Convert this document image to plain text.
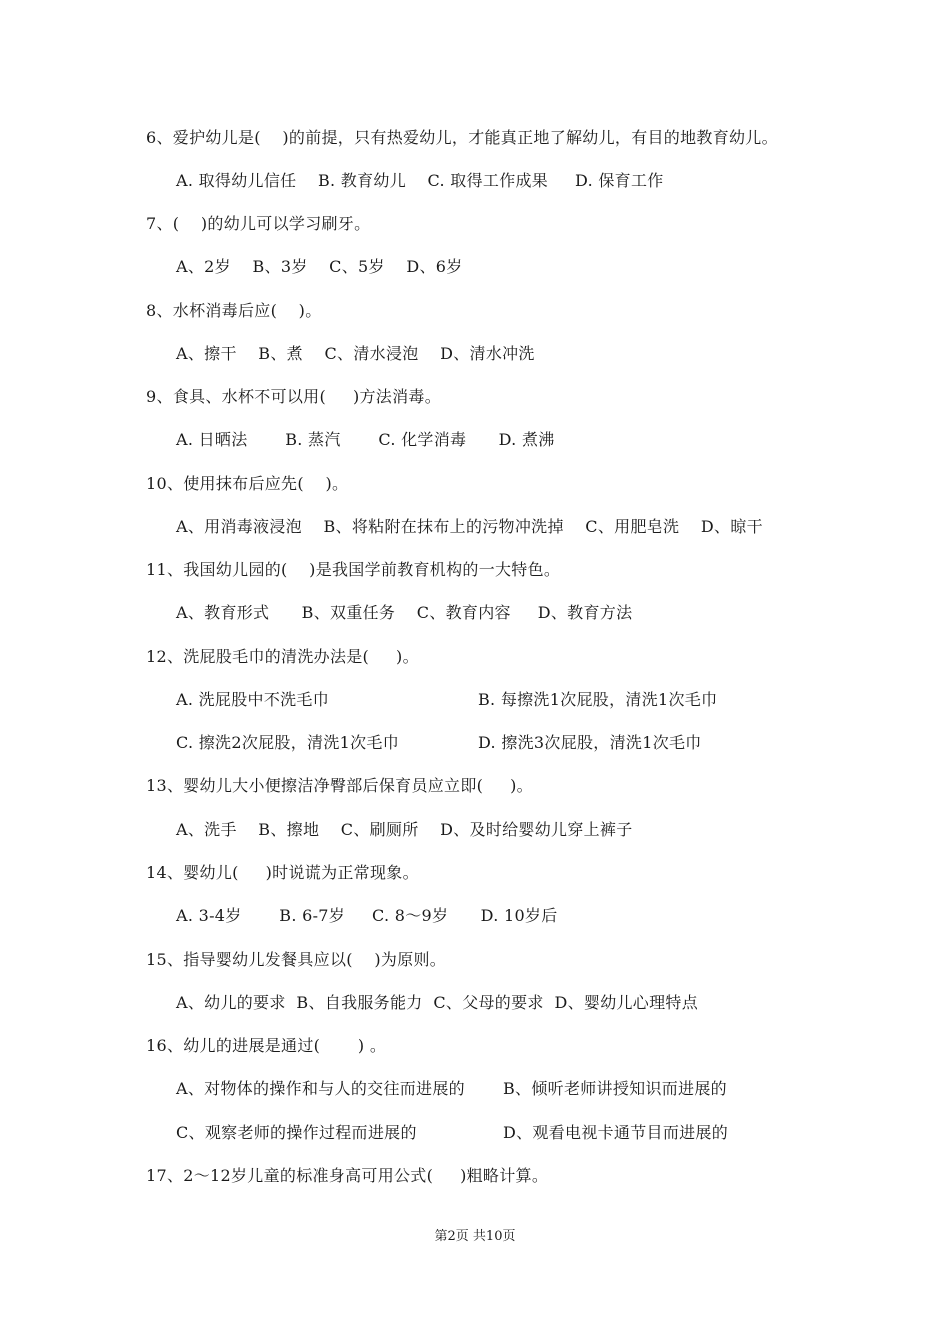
6、爱护幼儿是(    )的前提，只有热爱幼儿，才能真正地了解幼儿，有目的地教育幼儿。
A. 取得幼儿信任    B. 教育幼儿    C. 取得工作成果     D. 保育工作
7、(    )的幼儿可以学习刷牙。
A、2岁    B、3岁    C、5岁    D、6岁
8、水杯消毒后应(    )。
A、擦干    B、煮    C、清水浸泡    D、清水冲洗
9、食具、水杯不可以用(     )方法消毒。
A. 日晒法       B. 蒸汽       C. 化学消毒      D. 煮沸
10、使用抹布后应先(    )。
A、用消毒液浸泡    B、将粘附在抹布上的污物冲洗掉    C、用肥皂洗    D、晾干
11、我国幼儿园的(    )是我国学前教育机构的一大特色。
A、教育形式      B、双重任务    C、教育内容     D、教育方法
12、洗屁股毛巾的清洗办法是(     )。
A. 洗屁股中不洗毛巾	B. 每擦洗1次屁股，清洗1次毛巾
C. 擦洗2次屁股，清洗1次毛巾	D. 擦洗3次屁股，清洗1次毛巾
13、婴幼儿大小便擦洁净臀部后保育员应立即(     )。
A、洗手    B、擦地    C、刷厕所    D、及时给婴幼儿穿上裤子
14、婴幼儿(     )时说谎为正常现象。
A. 3-4岁       B. 6-7岁     C. 8～9岁      D. 10岁后
15、指导婴幼儿发餐具应以(    )为原则。
A、幼儿的要求  B、自我服务能力  C、父母的要求  D、婴幼儿心理特点
16、幼儿的进展是通过(       ) 。
A、对物体的操作和与人的交往而进展的 B、倾听老师讲授知识而进展的
C、观察老师的操作过程而进展的	D、观看电视卡通节目而进展的
17、2～12岁儿童的标准身高可用公式(     )粗略计算。
第2页 共10页
